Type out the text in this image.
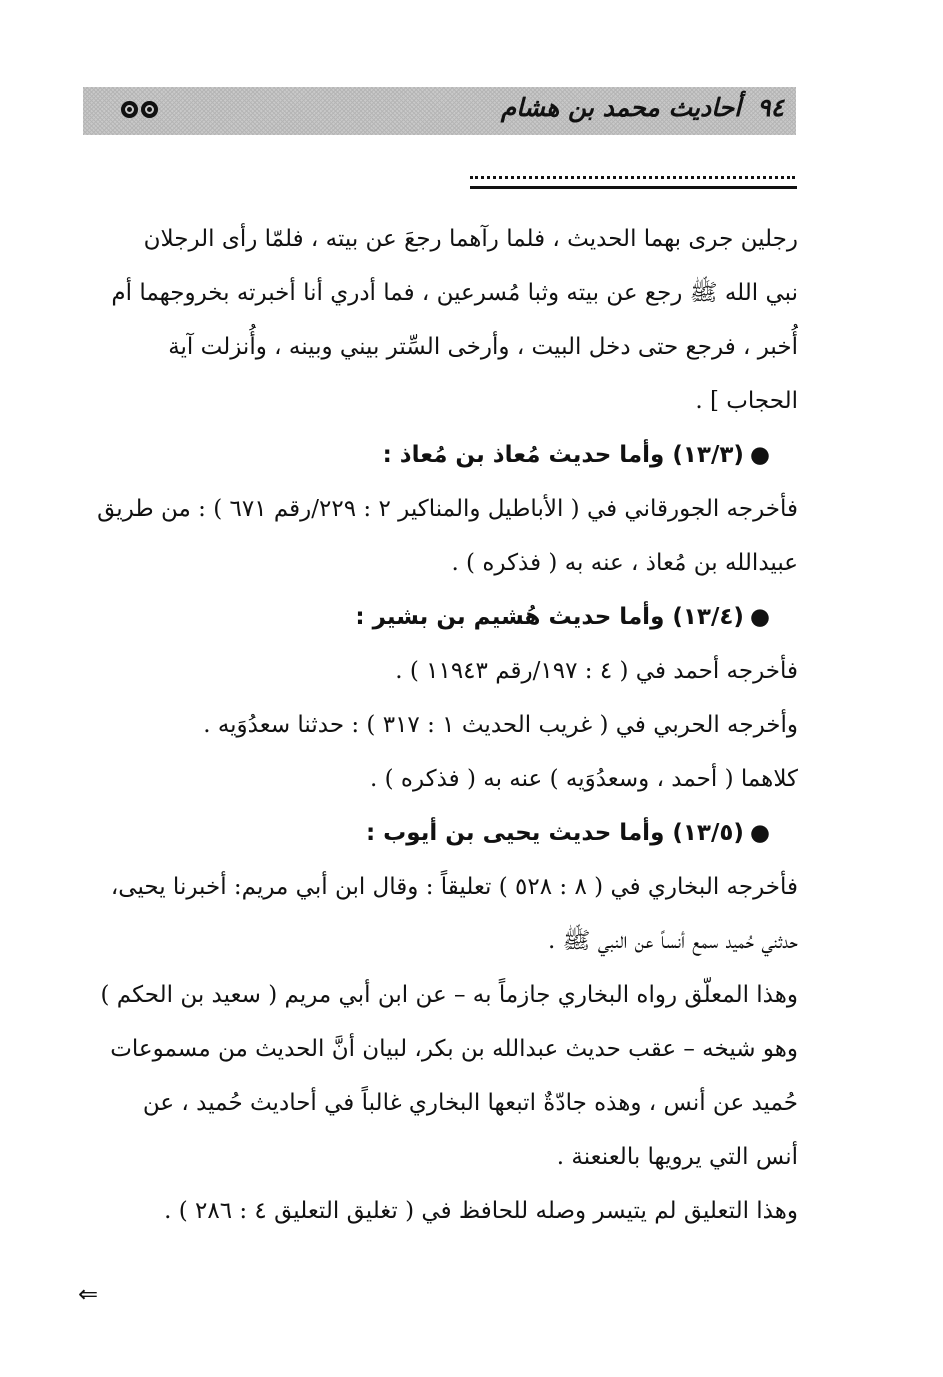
٩٤أحاديث محمد بن هشام
رجلين جرى بهما الحديث ، فلما رآهما رجعَ عن بيته ، فلمّا رأى الرجلان
نبي الله ﷺ رجع عن بيته وثبا مُسرعين ، فما أدري أنا أخبرته بخروجهما أم
أُخبر ، فرجع حتى دخل البيت ، وأرخى السِّتر بيني وبينه ، وأُنزلت آية
الحجاب ] .
●(١٣/٣) وأما حديث مُعاذ بن مُعاذ :
فأخرجه الجورقاني في ( الأباطيل والمناكير ٢ : ٢٢٩/رقم ٦٧١ ) : من طريق
عبيدالله بن مُعاذ ، عنه به ( فذكره ) .
●(١٣/٤) وأما حديث هُشيم بن بشير :
فأخرجه أحمد في ( ٤ : ١٩٧/رقم ١١٩٤٣ ) .
وأخرجه الحربي في ( غريب الحديث ١ : ٣١٧ ) : حدثنا سعدُوَيه .
كلاهما ( أحمد ، وسعدُوَيه ) عنه به ( فذكره ) .
●(١٣/٥) وأما حديث يحيى بن أيوب :
فأخرجه البخاري في ( ٨ : ٥٢٨ ) تعليقاً : وقال ابن أبي مريم: أخبرنا يحيى،
حدثني حُميد سمع أنساً عن النبي ﷺ .
وهذا المعلّق رواه البخاري جازماً به – عن ابن أبي مريم ( سعيد بن الحكم )
وهو شيخه – عقب حديث عبدالله بن بكر، لبيان أنَّ الحديث من مسموعات
حُميد عن أنس ، وهذه جادّةٌ اتبعها البخاري غالباً في أحاديث حُميد ، عن
أنس التي يرويها بالعنعنة .
وهذا التعليق لم يتيسر وصله للحافظ في ( تغليق التعليق ٤ : ٢٨٦ ) .
⇐
